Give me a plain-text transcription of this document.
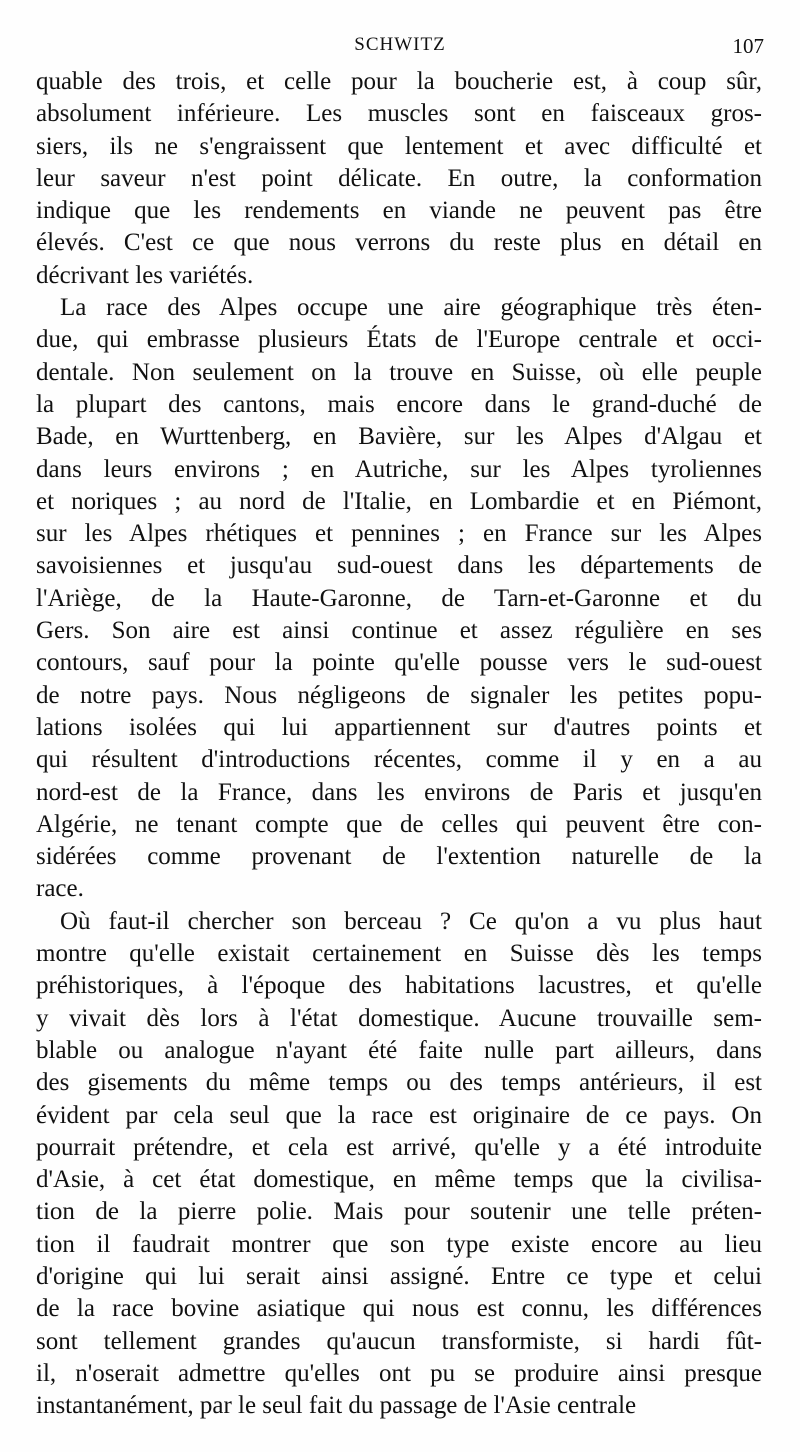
SCHWITZ	107
quable des trois, et celle pour la boucherie est, à coup sûr,
absolument inférieure. Les muscles sont en faisceaux gros-
siers, ils ne s'engraissent que lentement et avec difficulté et
leur saveur n'est point délicate. En outre, la conformation
indique que les rendements en viande ne peuvent pas être
élevés. C'est ce que nous verrons du reste plus en détail en
décrivant les variétés.
La race des Alpes occupe une aire géographique très éten-
due, qui embrasse plusieurs États de l'Europe centrale et occi-
dentale. Non seulement on la trouve en Suisse, où elle peuple
la plupart des cantons, mais encore dans le grand-duché de
Bade, en Wurttenberg, en Bavière, sur les Alpes d'Algau et
dans leurs environs ; en Autriche, sur les Alpes tyroliennes
et noriques ; au nord de l'Italie, en Lombardie et en Piémont,
sur les Alpes rhétiques et pennines ; en France sur les Alpes
savoisiennes et jusqu'au sud-ouest dans les départements de
l'Ariège, de la Haute-Garonne, de Tarn-et-Garonne et du
Gers. Son aire est ainsi continue et assez régulière en ses
contours, sauf pour la pointe qu'elle pousse vers le sud-ouest
de notre pays. Nous négligeons de signaler les petites popu-
lations isolées qui lui appartiennent sur d'autres points et
qui résultent d'introductions récentes, comme il y en a au
nord-est de la France, dans les environs de Paris et jusqu'en
Algérie, ne tenant compte que de celles qui peuvent être con-
sidérées comme provenant de l'extention naturelle de la
race.
Où faut-il chercher son berceau ? Ce qu'on a vu plus haut
montre qu'elle existait certainement en Suisse dès les temps
préhistoriques, à l'époque des habitations lacustres, et qu'elle
y vivait dès lors à l'état domestique. Aucune trouvaille sem-
blable ou analogue n'ayant été faite nulle part ailleurs, dans
des gisements du même temps ou des temps antérieurs, il est
évident par cela seul que la race est originaire de ce pays. On
pourrait prétendre, et cela est arrivé, qu'elle y a été introduite
d'Asie, à cet état domestique, en même temps que la civilisa-
tion de la pierre polie. Mais pour soutenir une telle préten-
tion il faudrait montrer que son type existe encore au lieu
d'origine qui lui serait ainsi assigné. Entre ce type et celui
de la race bovine asiatique qui nous est connu, les différences
sont tellement grandes qu'aucun transformiste, si hardi fût-
il, n'oserait admettre qu'elles ont pu se produire ainsi presque
instantanément, par le seul fait du passage de l'Asie centrale
